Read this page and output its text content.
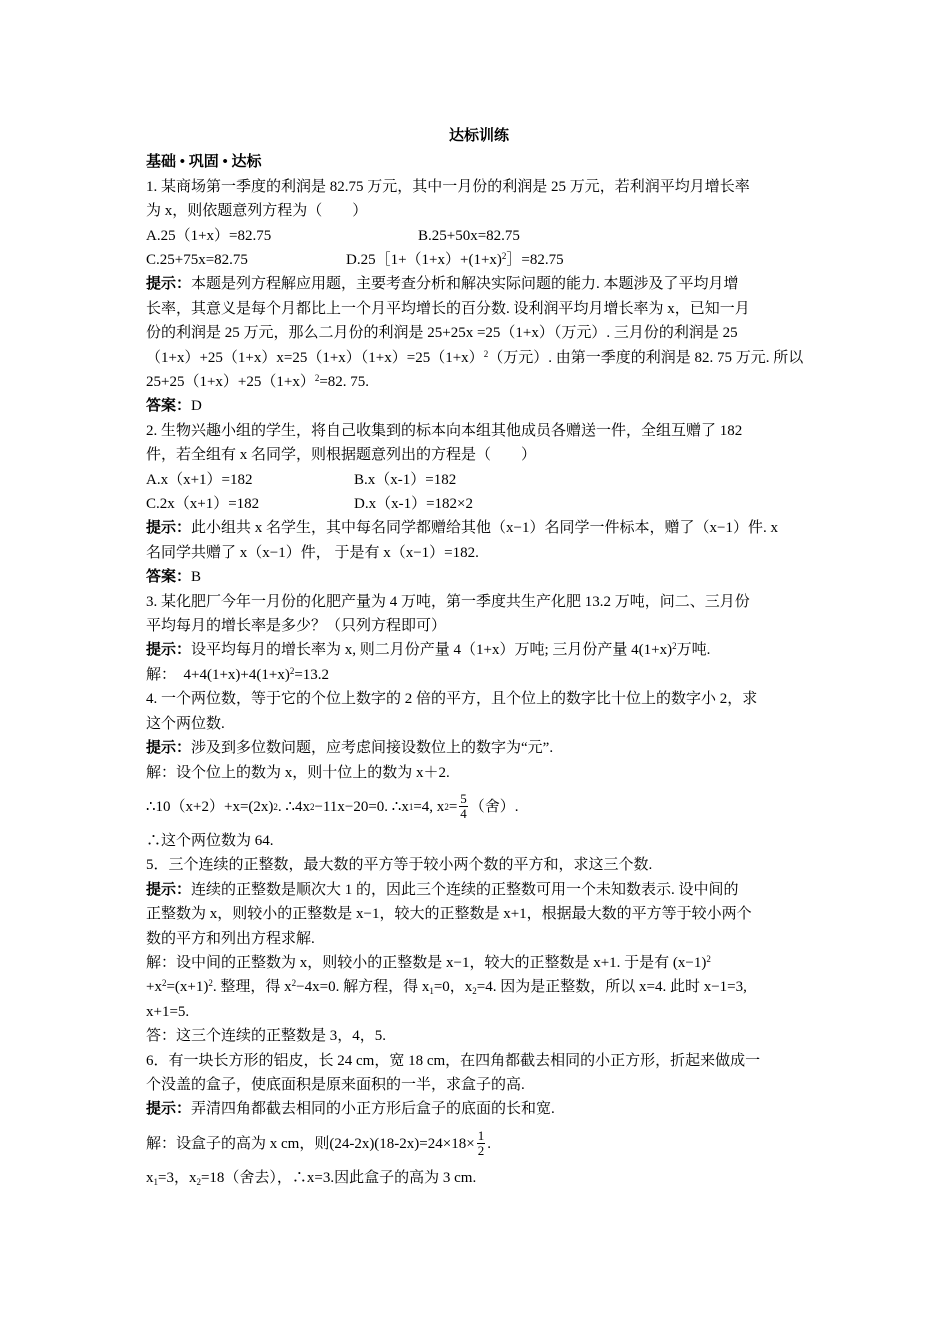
达标训练
基础 • 巩固 • 达标
1. 某商场第一季度的利润是 82.75 万元，其中一月份的利润是 25 万元，若利润平均月增长率
为 x，则依题意列方程为（　　）
A.25（1+x）=82.75	B.25+50x=82.75
C.25+75x=82.75	$D.25[1+(1+x)+(1+x)^2]=82.75$
提示：本题是列方程解应用题，主要考查分析和解决实际问题的能力. 本题涉及了平均月增
长率，其意义是每个月都比上一个月平均增长的百分数. 设利润平均月增长率为 x，已知一月
份的利润是 25 万元，那么二月份的利润是 25+25x =25（1+x）（万元）. 三月份的利润是 25
$(1+x)+25(1+x)x=25(1+x)(1+x)=25(1+x)^2$（万元）. 由第一季度的利润是 82. 75 万元. 所以
$25+25(1+x)+25(1+x)^2=82$. 75.
答案：D
2. 生物兴趣小组的学生，将自己收集到的标本向本组其他成员各赠送一件，全组互赠了 182
件，若全组有 x 名同学，则根据题意列出的方程是（　　）
A.x（x+1）=182	B.x（x-1）=182
C.2x（x+1）=182	D.x（x-1）=182×2
提示：此小组共 x 名学生，其中每名同学都赠给其他（x−1）名同学一件标本，赠了（x−1）件. x
名同学共赠了 x（x−1）件， 于是有 x（x−1）=182.
答案：B
3. 某化肥厂今年一月份的化肥产量为 4 万吨，第一季度共生产化肥 13.2 万吨，问二、三月份
平均每月的增长率是多少？（只列方程即可）
提示：设平均每月的增长率为 x, 则二月份产量 4（1+x）万吨; 三月份产量 $4(1+x)^2$万吨.
解：　$4+4(1+x)+4(1+x)^2=13.2$
4. 一个两位数，等于它的个位上数字的 2 倍的平方，且个位上的数字比十位上的数字小 2，求
这个两位数.
提示：涉及到多位数问题，应考虑间接设数位上的数字为“元”.
解：设个位上的数为 x，则十位上的数为 x＋2.
∴10（x+2）+x=(2x) 2 . ∴4x 2 −11x−20=0. ∴x 1 =4, x $2 = \frac{5}{4}$ （舍）.
∴这个两位数为 64.
5．三个连续的正整数，最大数的平方等于较小两个数的平方和，求这三个数.
提示：连续的正整数是顺次大 1 的，因此三个连续的正整数可用一个未知数表示. 设中间的
正整数为 x，则较小的正整数是 x−1，较大的正整数是 x+1，根据最大数的平方等于较小两个
数的平方和列出方程求解.
解：设中间的正整数为 x，则较小的正整数是 x−1，较大的正整数是 x+1. 于是有 $(x-1)^2$
$+x^2=(x+1)^2$. 整理，得 $x^2-4x=0$. 解方程，得 $x_1=0$，$x_2=4$. 因为是正整数，所以 x=4. 此时 x−1=3,
x+1=5.
答：这三个连续的正整数是 3，4，5.
6．有一块长方形的铝皮，长 24 cm，宽 18 cm，在四角都截去相同的小正方形，折起来做成一
个没盖的盒子，使底面积是原来面积的一半，求盒子的高.
提示：弄清四角都截去相同的小正方形后盒子的底面的长和宽.
解：设盒子的高为 x cm，则$(24-2x)(18-2x)=24\times 18\times \frac{1}{2}$ .
$x_1=3$，$x_2=18$（舍去），∴x=3.因此盒子的高为 3 cm.
